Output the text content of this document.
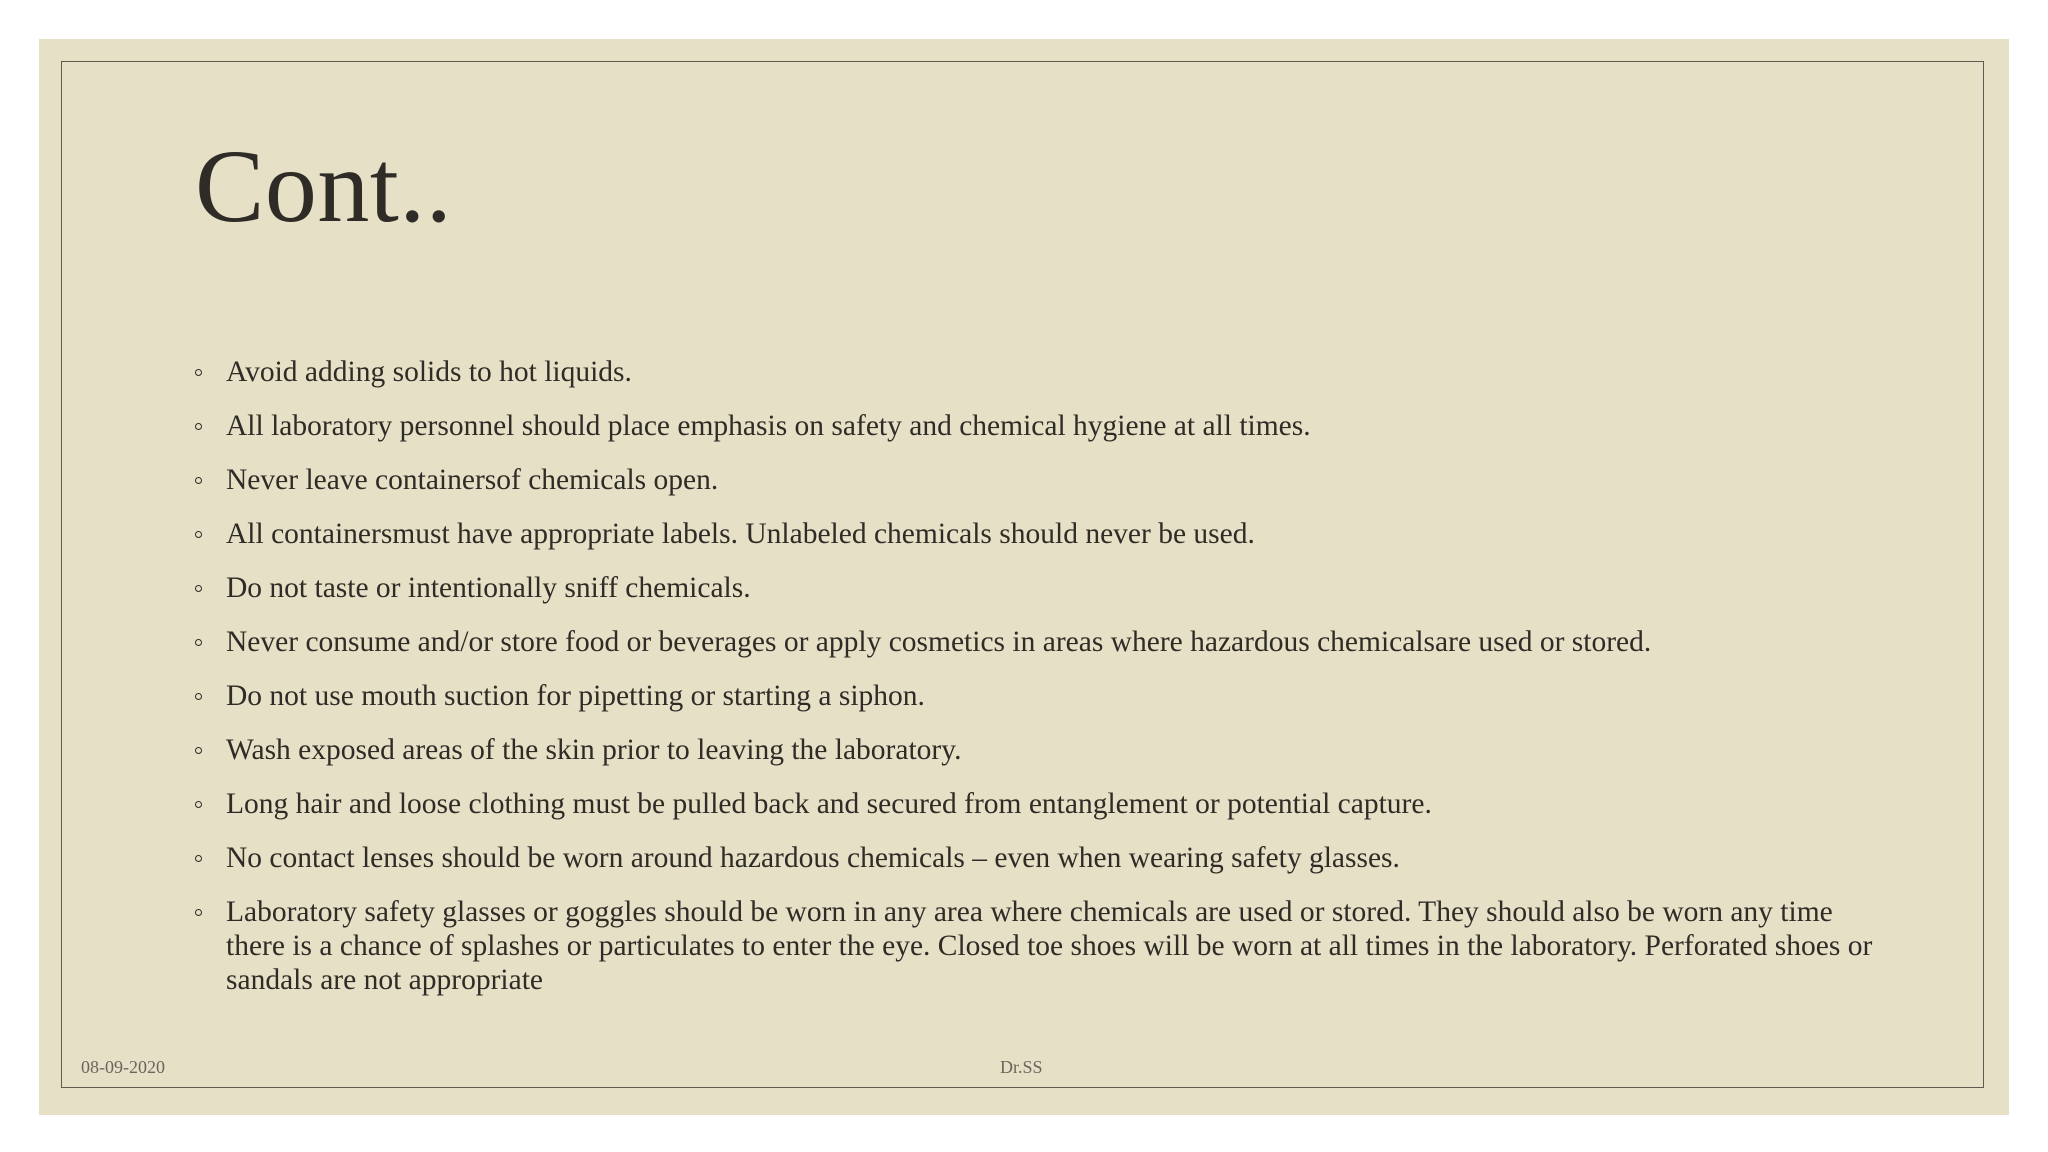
Cont..
Avoid adding solids to hot liquids.
All laboratory personnel should place emphasis on safety and chemical hygiene at all times.
Never leave containersof chemicals open.
All containersmust have appropriate labels. Unlabeled chemicals should never be used.
Do not taste or intentionally sniff chemicals.
Never consume and/or store food or beverages or apply cosmetics in areas where hazardous chemicalsare used or stored.
Do not use mouth suction for pipetting or starting a siphon.
Wash exposed areas of the skin prior to leaving the laboratory.
Long hair and loose clothing must be pulled back and secured from entanglement or potential capture.
No contact lenses should be worn around hazardous chemicals – even when wearing safety glasses.
Laboratory safety glasses or goggles should be worn in any area where chemicals are used or stored. They should also be worn any time there is a chance of splashes or particulates to enter the eye. Closed toe shoes will be worn at all times in the laboratory. Perforated shoes or sandals are not appropriate
08-09-2020	Dr.SS
